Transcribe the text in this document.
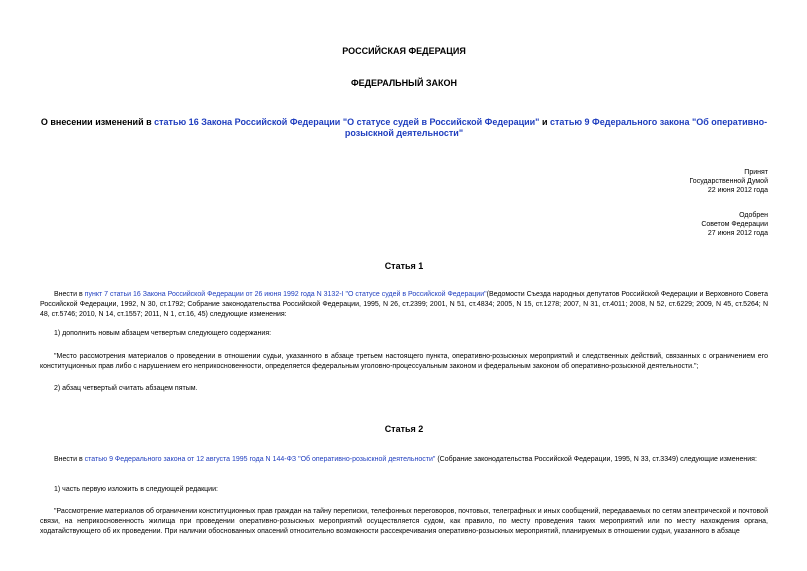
РОССИЙСКАЯ ФЕДЕРАЦИЯ
ФЕДЕРАЛЬНЫЙ ЗАКОН
О внесении изменений в статью 16 Закона Российской Федерации "О статусе судей в Российской Федерации" и статью 9 Федерального закона "Об оперативно-розыскной деятельности"
Принят
Государственной Думой
22 июня 2012 года
Одобрен
Советом Федерации
27 июня 2012 года
Статья 1
Внести в пункт 7 статьи 16 Закона Российской Федерации от 26 июня 1992 года N 3132-I "О статусе судей в Российской Федерации"(Ведомости Съезда народных депутатов Российской Федерации и Верховного Совета Российской Федерации, 1992, N 30, ст.1792; Собрание законодательства Российской Федерации, 1995, N 26, ст.2399; 2001, N 51, ст.4834; 2005, N 15, ст.1278; 2007, N 31, ст.4011; 2008, N 52, ст.6229; 2009, N 45, ст.5264; N 48, ст.5746; 2010, N 14, ст.1557; 2011, N 1, ст.16, 45) следующие изменения:
1) дополнить новым абзацем четвертым следующего содержания:
"Место рассмотрения материалов о проведении в отношении судьи, указанного в абзаце третьем настоящего пункта, оперативно-розыскных мероприятий и следственных действий, связанных с ограничением его конституционных прав либо с нарушением его неприкосновенности, определяется федеральным уголовно-процессуальным законом и федеральным законом об оперативно-розыскной деятельности.";
2) абзац четвертый считать абзацем пятым.
Статья 2
Внести в статью 9 Федерального закона от 12 августа 1995 года N 144-ФЗ "Об оперативно-розыскной деятельности" (Собрание законодательства Российской Федерации, 1995, N 33, ст.3349) следующие изменения:
1) часть первую изложить в следующей редакции:
"Рассмотрение материалов об ограничении конституционных прав граждан на тайну переписки, телефонных переговоров, почтовых, телеграфных и иных сообщений, передаваемых по сетям электрической и почтовой связи, на неприкосновенность жилища при проведении оперативно-розыскных мероприятий осуществляется судом, как правило, по месту проведения таких мероприятий или по месту нахождения органа, ходатайствующего об их проведении. При наличии обоснованных опасений относительно возможности рассекречивания оперативно-розыскных мероприятий, планируемых в отношении судьи, указанного в абзаце
